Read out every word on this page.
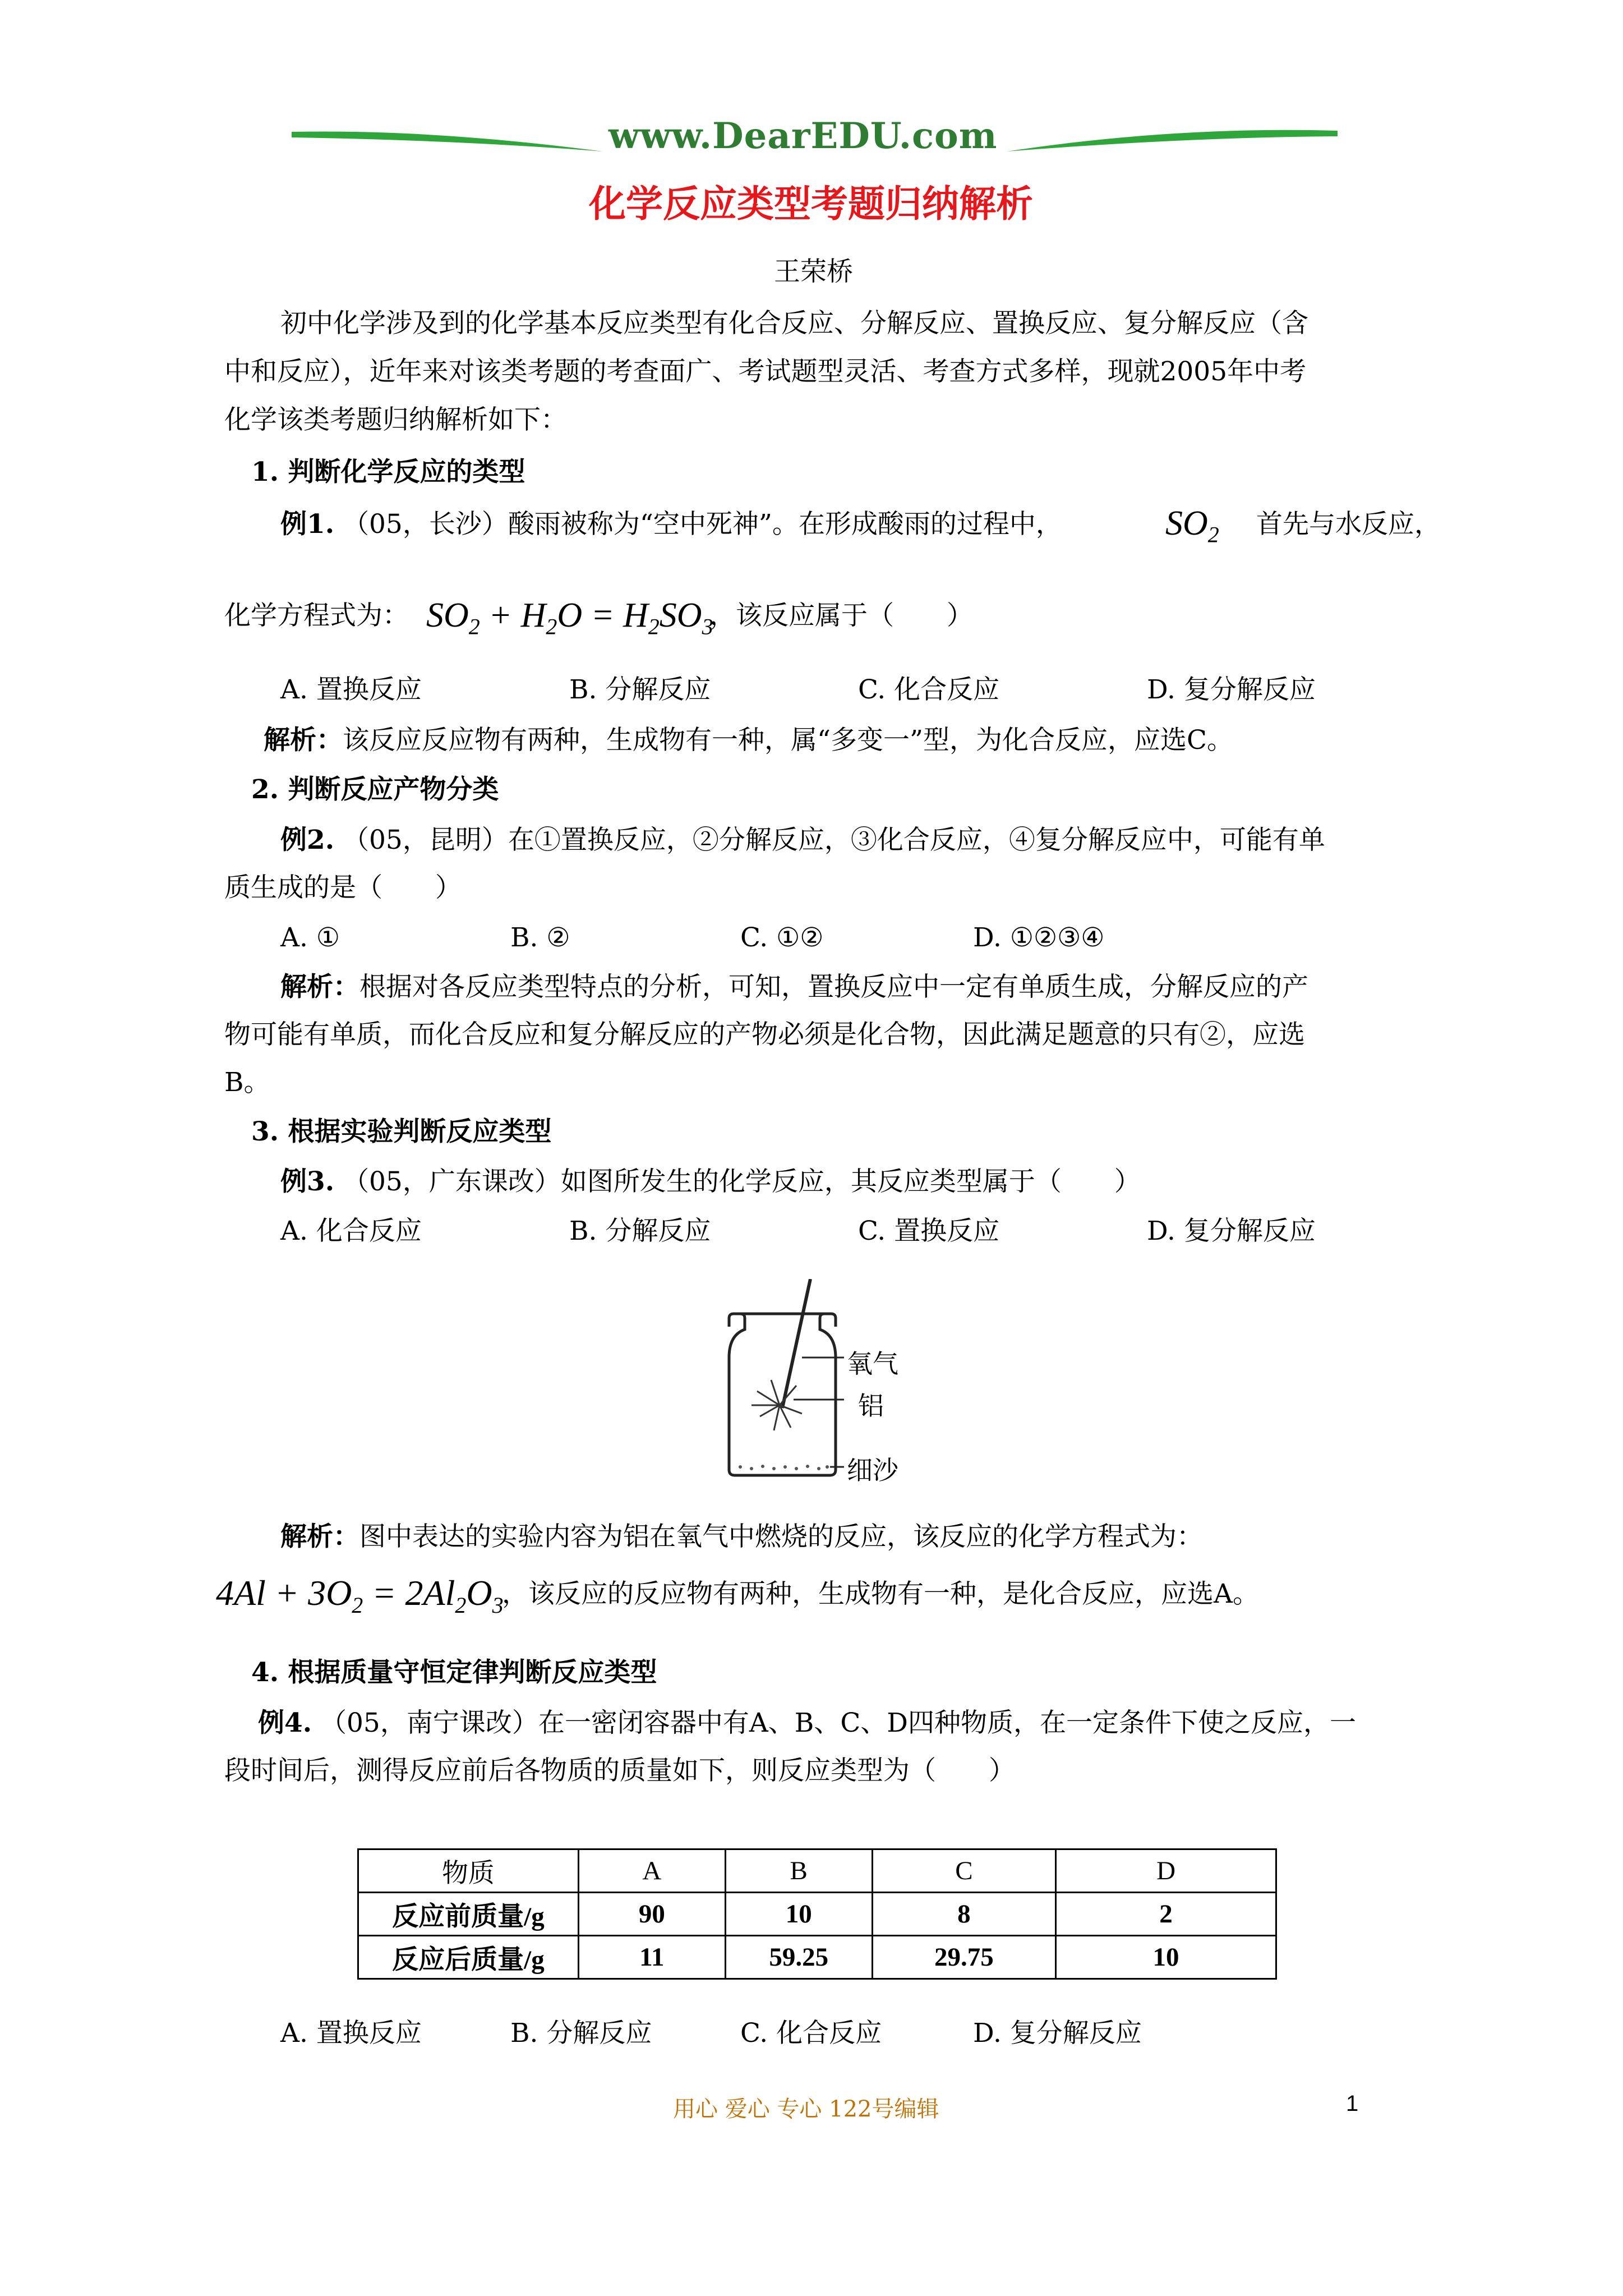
www.DearEDU.com
化学反应类型考题归纳解析
王荣桥
初中化学涉及到的化学基本反应类型有化合反应、分解反应、置换反应、复分解反应（含
中和反应），近年来对该类考题的考查面广、考试题型灵活、考查方式多样，现就2005年中考
化学该类考题归纳解析如下：
1. 判断化学反应的类型
例1. （05，长沙）酸雨被称为“空中死神”。在形成酸雨的过程中，	$SO_2$ 首先与水反应，
化学方程式为： $SO_2 + H_2O = H_2SO_3$
，该反应属于（　　）
A. 置换反应	B. 分解反应	C. 化合反应	D. 复分解反应
解析：该反应反应物有两种，生成物有一种，属“多变一”型，为化合反应，应选C。
2. 判断反应产物分类
例2. （05，昆明）在①置换反应，②分解反应，③化合反应，④复分解反应中，可能有单
质生成的是（　　）
A. ①	B. ②	C. ①②	D. ①②③④
解析：根据对各反应类型特点的分析，可知，置换反应中一定有单质生成，分解反应的产
物可能有单质，而化合反应和复分解反应的产物必须是化合物，因此满足题意的只有②，应选
B。
3. 根据实验判断反应类型
例3. （05，广东课改）如图所发生的化学反应，其反应类型属于（　　）
A. 化合反应	B. 分解反应	C. 置换反应	D. 复分解反应
氧气
铝
细沙
解析：图中表达的实验内容为铝在氧气中燃烧的反应，该反应的化学方程式为：
$4Al + 3O_2 = 2Al_2O_3$
，该反应的反应物有两种，生成物有一种，是化合反应，应选A。
4. 根据质量守恒定律判断反应类型
例4. （05，南宁课改）在一密闭容器中有A、B、C、D四种物质，在一定条件下使之反应，一
段时间后，测得反应前后各物质的质量如下，则反应类型为（　　）
物质	A	B	C	D
反应前质量/g	90	10	8	2
反应后质量/g	11	59.25	29.75	10
A. 置换反应	B. 分解反应	C. 化合反应	D. 复分解反应
用心 爱心 专心 122号编辑	1
